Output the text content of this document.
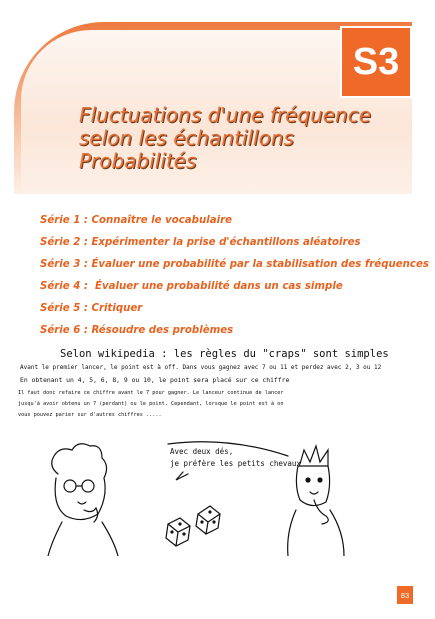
S3
Fluctuations d'une fréquence
selon les échantillons
Probabilités
Série 1 : Connaître le vocabulaire
Série 2 : Expérimenter la prise d'échantillons aléatoires
Série 3 : Évaluer une probabilité par la stabilisation des fréquences
Série 4 :  Évaluer une probabilité dans un cas simple
Série 5 : Critiquer
Série 6 : Résoudre des problèmes
Selon wikipedia : les règles du "craps" sont simples
Avant le premier lancer, le point est à off. Dans vous gagnez avec 7 ou 11 et perdez avec 2, 3 ou 12
En obtenant un 4, 5, 6, 8, 9 ou 10, le point sera placé sur ce chiffre
Il faut donc refaire ce chiffre avant le 7 pour gagner. Le lanceur continue de lancer
jusqu'à avoir obtenu un 7 (perdant) ou le point. Cependant, lorsque le point est à on
vous pouvez parier sur d'autres chiffres .....
Avec deux dés,
je préfère les petits chevaux
83
